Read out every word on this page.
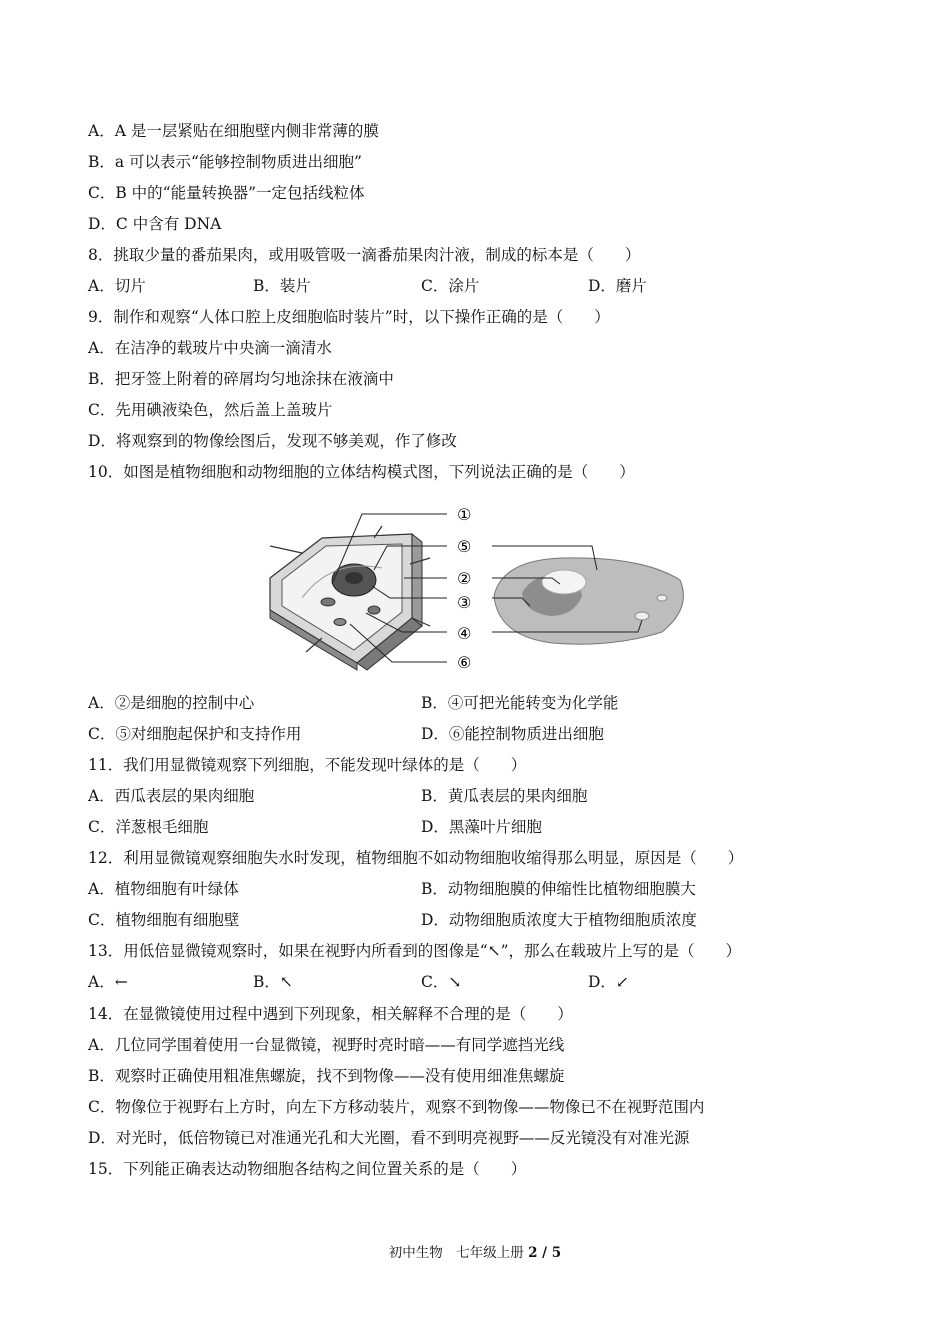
A．A 是一层紧贴在细胞壁内侧非常薄的膜
B．a 可以表示“能够控制物质进出细胞”
C．B 中的“能量转换器”一定包括线粒体
D．C 中含有 DNA
8．挑取少量的番茄果肉，或用吸管吸一滴番茄果肉汁液，制成的标本是（　　）
A．切片	B．装片	C．涂片	D．磨片
9．制作和观察“人体口腔上皮细胞临时装片”时，以下操作正确的是（　　）
A．在洁净的载玻片中央滴一滴清水
B．把牙签上附着的碎屑均匀地涂抹在液滴中
C．先用碘液染色，然后盖上盖玻片
D．将观察到的物像绘图后，发现不够美观，作了修改
10．如图是植物细胞和动物细胞的立体结构模式图，下列说法正确的是（　　）
①
⑤
②
③
④
⑥
A．②是细胞的控制中心	B．④可把光能转变为化学能
C．⑤对细胞起保护和支持作用	D．⑥能控制物质进出细胞
11．我们用显微镜观察下列细胞，不能发现叶绿体的是（　　）
A．西瓜表层的果肉细胞	B．黄瓜表层的果肉细胞
C．洋葱根毛细胞	D．黑藻叶片细胞
12．利用显微镜观察细胞失水时发现，植物细胞不如动物细胞收缩得那么明显，原因是（　　）
A．植物细胞有叶绿体	B．动物细胞膜的伸缩性比植物细胞膜大
C．植物细胞有细胞壁	D．动物细胞质浓度大于植物细胞质浓度
13．用低倍显微镜观察时，如果在视野内所看到的图像是“↖”，那么在载玻片上写的是（　　）
A．←	B．↖	C．↘	D．↙
14．在显微镜使用过程中遇到下列现象，相关解释不合理的是（　　）
A．几位同学围着使用一台显微镜，视野时亮时暗——有同学遮挡光线
B．观察时正确使用粗准焦螺旋，找不到物像——没有使用细准焦螺旋
C．物像位于视野右上方时，向左下方移动装片，观察不到物像——物像已不在视野范围内
D．对光时，低倍物镜已对准通光孔和大光圈，看不到明亮视野——反光镜没有对准光源
15．下列能正确表达动物细胞各结构之间位置关系的是（　　）
初中生物　七年级上册 2 / 5
